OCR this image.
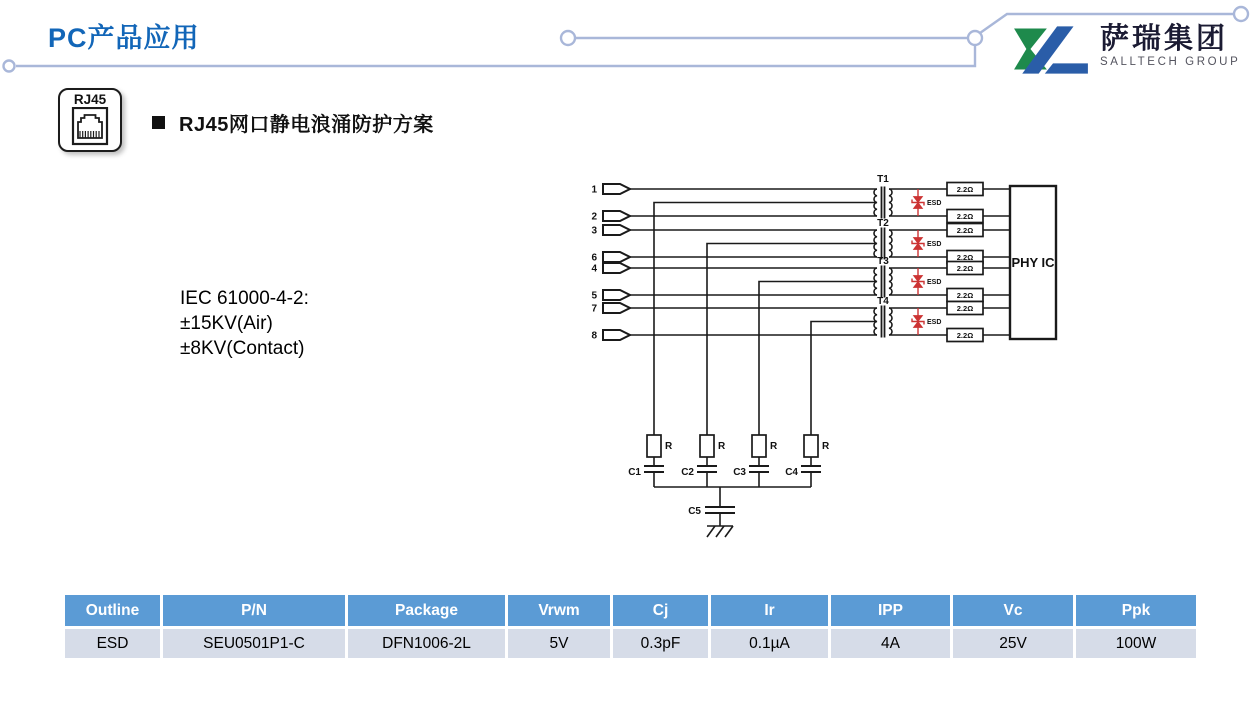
PC产品应用	萨瑞集团
SALLTECH GROUP
RJ45
RJ45网口静电浪涌防护方案
IEC 61000-4-2:
±15KV(Air)
±8KV(Contact)
1
2
3
6
4
5
7
8
R	R	R	R
C1	C2	C3	C4
C5
T1
T2
T3
T4
ESD
ESD
ESD
ESD
2.2Ω
2.2Ω
2.2Ω
2.2Ω
2.2Ω
2.2Ω
2.2Ω
2.2Ω
PHY IC
Outline	P/N	Package	Vrwm	Cj	Ir	IPP	Vc	Ppk
ESD	SEU0501P1-C	DFN1006-2L	5V	0.3pF	0.1µA	4A	25V	100W
